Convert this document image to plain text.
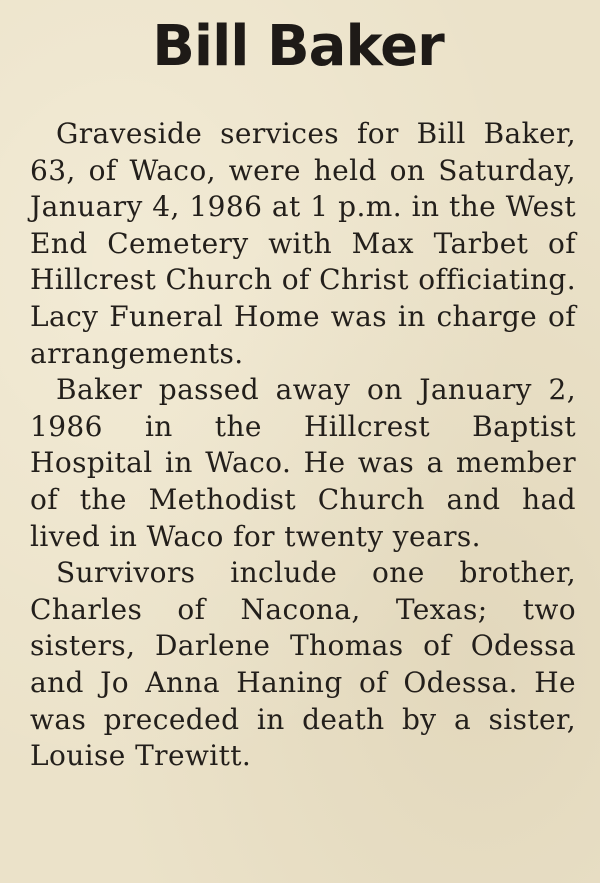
Bill Baker

Graveside services for Bill Baker, 63, of Waco, were held on Saturday, January 4, 1986 at 1 p.m. in the West End Cemetery with Max Tarbet of Hillcrest Church of Christ officiating. Lacy Funeral Home was in charge of arrangements.

Baker passed away on January 2, 1986 in the Hillcrest Baptist Hospital in Waco. He was a member of the Methodist Church and had lived in Waco for twenty years.

Survivors include one brother, Charles of Nacona, Texas; two sisters, Darlene Thomas of Odessa and Jo Anna Haning of Odessa. He was preceded in death by a sister, Louise Trewitt.
